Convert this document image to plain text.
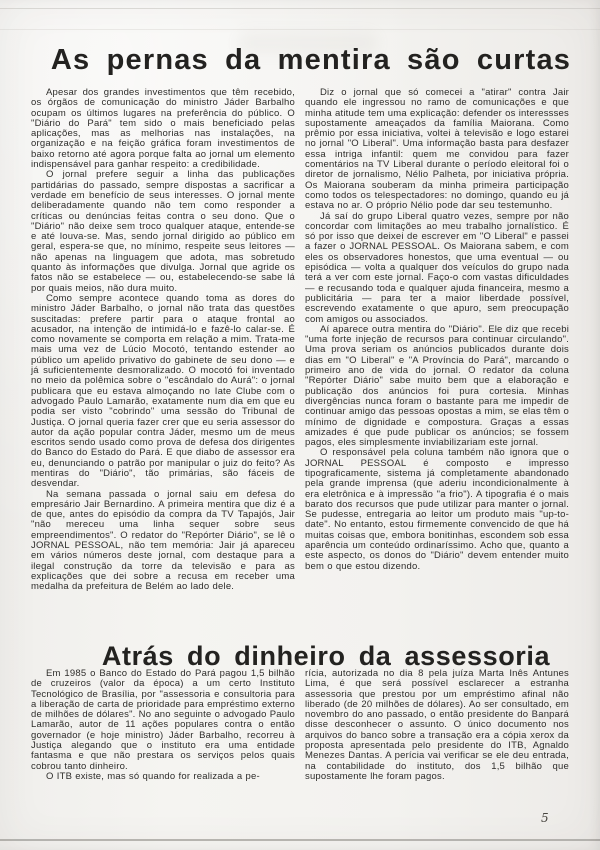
As pernas da mentira são curtas

Apesar dos grandes investimentos que têm recebido, os órgãos de comunicação do ministro Jáder Barbalho ocupam os últimos lugares na preferência do público. O "Diário do Pará" tem sido o mais beneficiado pelas aplicações, mas as melhorias nas instalações, na organização e na feição gráfica foram investimentos de baixo retorno até agora porque falta ao jornal um elemento indispensável para ganhar respeito: a credibilidade.

O jornal prefere seguir a linha das publicações partidárias do passado, sempre dispostas a sacrificar a verdade em benefício de seus interesses. O jornal mente deliberadamente quando não tem como responder a críticas ou denúncias feitas contra o seu dono. Que o "Diário" não deixe sem troco qualquer ataque, entende-se e até louva-se. Mas, sendo jornal dirigido ao público em geral, espera-se que, no mínimo, respeite seus leitores — não apenas na linguagem que adota, mas sobretudo quanto às informações que divulga. Jornal que agride os fatos não se estabelece — ou, estabelecendo-se sabe lá por quais meios, não dura muito.

Como sempre acontece quando toma as dores do ministro Jáder Barbalho, o jornal não trata das questões suscitadas: prefere partir para o ataque frontal ao acusador, na intenção de intimidá-lo e fazê-lo calar-se. É como novamente se comporta em relação a mim. Trata-me mais uma vez de Lúcio Mocotó, tentando estender ao público um apelido privativo do gabinete de seu dono — e já suficientemente desmoralizado. O mocotó foi inventado no meio da polêmica sobre o "escândalo do Aurá": o jornal publicara que eu estava almoçando no Iate Clube com o advogado Paulo Lamarão, exatamente num dia em que eu podia ser visto "cobrindo" uma sessão do Tribunal de Justiça. O jornal queria fazer crer que eu seria assessor do autor da ação popular contra Jáder, mesmo um de meus escritos sendo usado como prova de defesa dos dirigentes do Banco do Estado do Pará. E que diabo de assessor era eu, denunciando o patrão por manipular o juiz do feito? As mentiras do "Diário", tão primárias, são fáceis de desvendar.

Na semana passada o jornal saiu em defesa do empresário Jair Bernardino. A primeira mentira que diz é a de que, antes do episódio da compra da TV Tapajós, Jair "não mereceu uma linha sequer sobre seus empreendimentos". O redator do "Repórter Diário", se lê o JORNAL PESSOAL, não tem memória: Jair já apareceu em vários números deste jornal, com destaque para a ilegal construção da torre da televisão e para as explicações que dei sobre a recusa em receber uma medalha da prefeitura de Belém ao lado dele.

Diz o jornal que só comecei a "atirar" contra Jair quando ele ingressou no ramo de comunicações e que minha atitude tem uma explicação: defender os interessses supostamente ameaçados da família Maiorana. Como prêmio por essa iniciativa, voltei à televisão e logo estarei no jornal "O Liberal". Uma informação basta para desfazer essa intriga infantil: quem me convidou para fazer comentários na TV Liberal durante o período eleitoral foi o diretor de jornalismo, Nélio Palheta, por iniciativa própria. Os Maiorana souberam da minha primeira participação como todos os telespectadores: no domingo, quando eu já estava no ar. O próprio Nélio pode dar seu testemunho.

Já saí do grupo Liberal quatro vezes, sempre por não concordar com limitações ao meu trabalho jornalístico. É só por isso que deixei de escrever em "O Liberal" e passei a fazer o JORNAL PESSOAL. Os Maiorana sabem, e com eles os observadores honestos, que uma eventual — ou episódica — volta a qualquer dos veículos do grupo nada terá a ver com este jornal. Faço-o com vastas dificuldades — e recusando toda e qualquer ajuda financeira, mesmo a publicitária — para ter a maior liberdade possível, escrevendo exatamente o que apuro, sem preocupação com amigos ou associados.

Aí aparece outra mentira do "Diário". Ele diz que recebi "uma forte injeção de recursos para continuar circulando". Uma prova seriam os anúncios publicados durante dois dias em "O Liberal" e "A Província do Pará", marcando o primeiro ano de vida do jornal. O redator da coluna "Repórter Diário" sabe muito bem que a elaboração e publicação dos anúncios foi pura cortesia. Minhas divergências nunca foram o bastante para me impedir de continuar amigo das pessoas opostas a mim, se elas têm o mínimo de dignidade e compostura. Graças a essas amizades é que pude publicar os anúncios; se fossem pagos, eles simplesmente inviabilizariam este jornal.

O responsável pela coluna também não ignora que o JORNAL PESSOAL é composto e impresso tipograficamente, sistema já completamente abandonado pela grande imprensa (que aderiu incondicionalmente à era eletrônica e à impressão "a frio"). A tipografia é o mais barato dos recursos que pude utilizar para manter o jornal. Se pudesse, entregaria ao leitor um produto mais "up-to-date". No entanto, estou firmemente convencido de que há muitas coisas que, embora bonitinhas, escondem sob essa aparência um conteúdo ordinaríssimo. Acho que, quanto a este aspecto, os donos do "Diário" devem entender muito bem o que estou dizendo.

Atrás do dinheiro da assessoria

Em 1985 o Banco do Estado do Pará pagou 1,5 bilhão de cruzeiros (valor da época) a um certo Instituto Tecnológico de Brasília, por "assessoria e consultoria para a liberação de carta de prioridade para empréstimo externo de milhões de dólares". No ano seguinte o advogado Paulo Lamarão, autor de 11 ações populares contra o então governador (e hoje ministro) Jáder Barbalho, recorreu à Justiça alegando que o instituto era uma entidade fantasma e que não prestara os serviços pelos quais cobrou tanto dinheiro.

O ITB existe, mas só quando for realizada a pe-

rícia, autorizada no dia 8 pela juíza Marta Inês Antunes Lima, é que será possível esclarecer a estranha assessoria que prestou por um empréstimo afinal não liberado (de 20 milhões de dólares). Ao ser consultado, em novembro do ano passado, o então presidente do Banpará disse desconhecer o assunto. O único documento nos arquivos do banco sobre a transação era a cópia xerox da proposta apresentada pelo presidente do ITB, Agnaldo Menezes Dantas. A perícia vai verificar se ele deu entrada, na contabilidade do instituto, dos 1,5 bilhão que supostamente lhe foram pagos.

5
